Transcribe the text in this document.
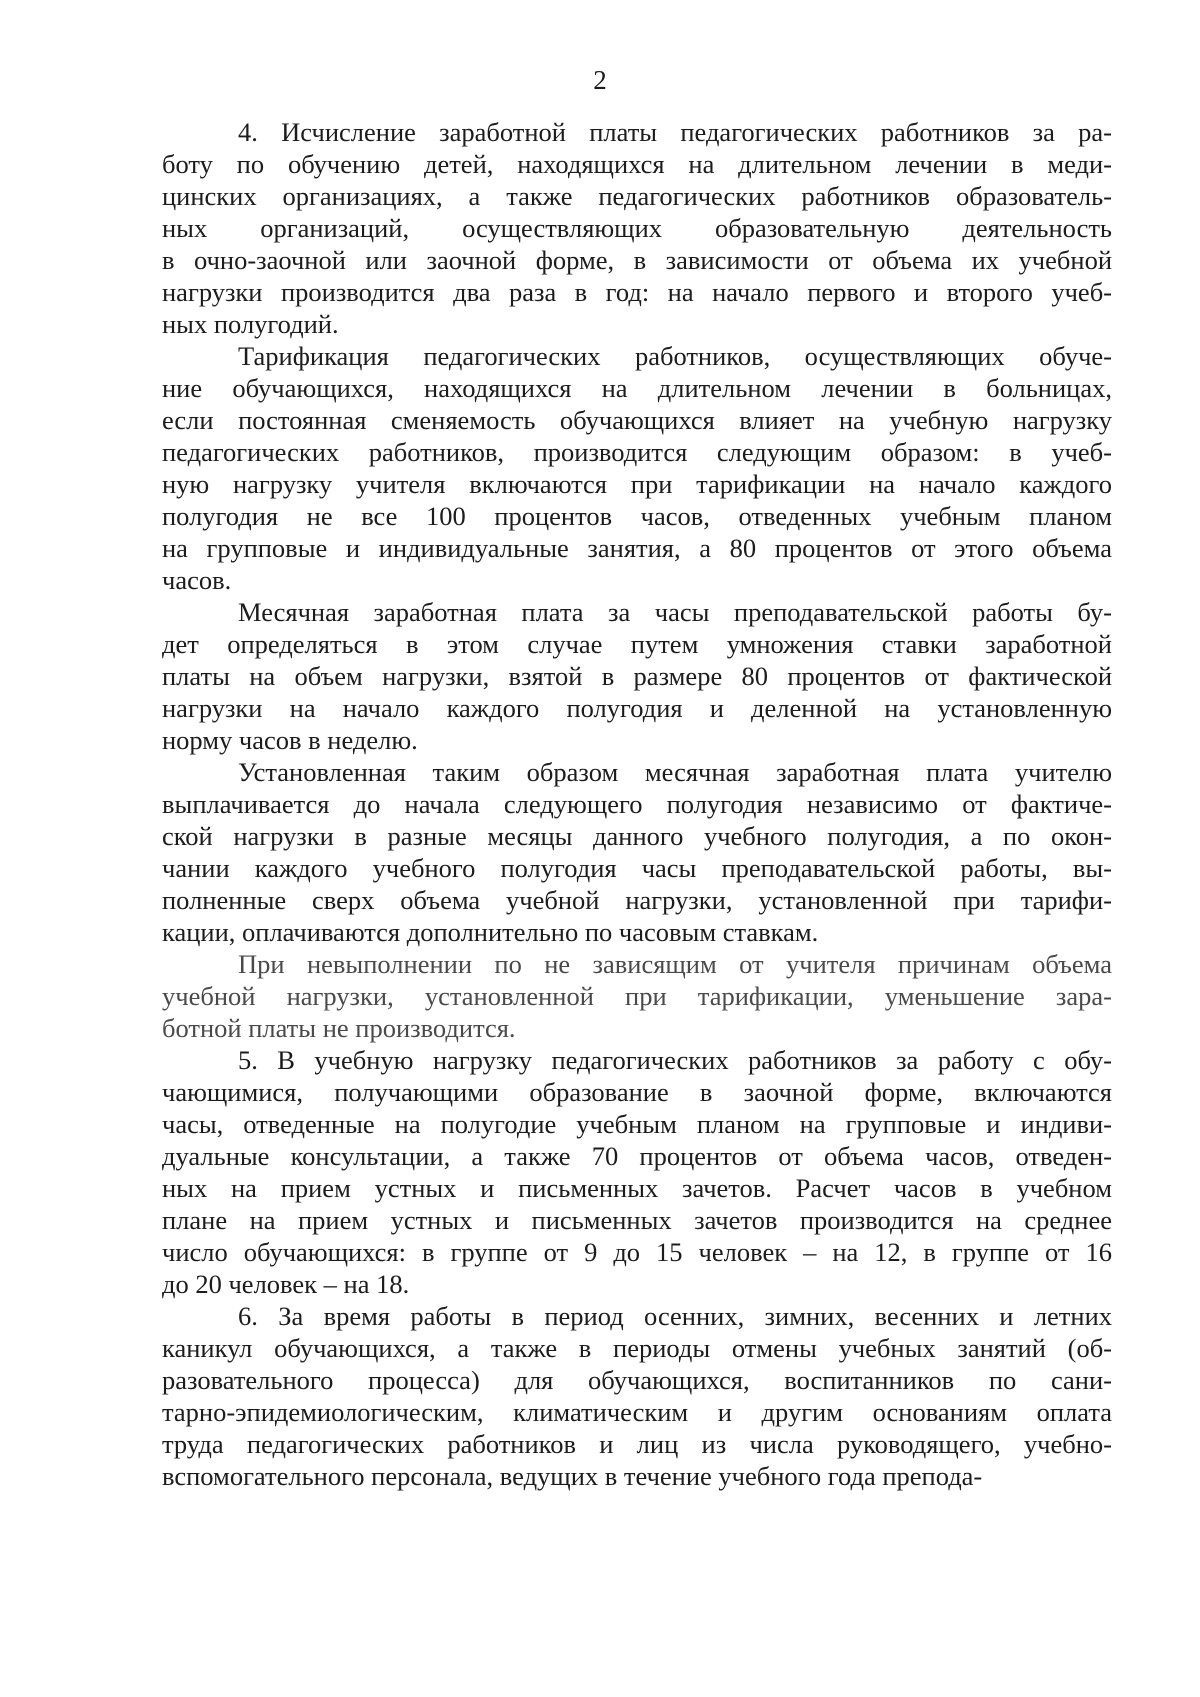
2
4. Исчисление заработной платы педагогических работников за ра-
боту по обучению детей, находящихся на длительном лечении в меди-
цинских организациях, а также педагогических работников образователь-
ных организаций, осуществляющих образовательную деятельность
в очно-заочной или заочной форме, в зависимости от объема их учебной
нагрузки производится два раза в год: на начало первого и второго учеб-
ных полугодий.
Тарификация педагогических работников, осуществляющих обуче-
ние обучающихся, находящихся на длительном лечении в больницах,
если постоянная сменяемость обучающихся влияет на учебную нагрузку
педагогических работников, производится следующим образом: в учеб-
ную нагрузку учителя включаются при тарификации на начало каждого
полугодия не все 100 процентов часов, отведенных учебным планом
на групповые и индивидуальные занятия, а 80 процентов от этого объема
часов.
Месячная заработная плата за часы преподавательской работы бу-
дет определяться в этом случае путем умножения ставки заработной
платы на объем нагрузки, взятой в размере 80 процентов от фактической
нагрузки на начало каждого полугодия и деленной на установленную
норму часов в неделю.
Установленная таким образом месячная заработная плата учителю
выплачивается до начала следующего полугодия независимо от фактиче-
ской нагрузки в разные месяцы данного учебного полугодия, а по окон-
чании каждого учебного полугодия часы преподавательской работы, вы-
полненные сверх объема учебной нагрузки, установленной при тарифи-
кации, оплачиваются дополнительно по часовым ставкам.
При невыполнении по не зависящим от учителя причинам объема
учебной нагрузки, установленной при тарификации, уменьшение зара-
ботной платы не производится.
5. В учебную нагрузку педагогических работников за работу с обу-
чающимися, получающими образование в заочной форме, включаются
часы, отведенные на полугодие учебным планом на групповые и индиви-
дуальные консультации, а также 70 процентов от объема часов, отведен-
ных на прием устных и письменных зачетов. Расчет часов в учебном
плане на прием устных и письменных зачетов производится на среднее
число обучающихся: в группе от 9 до 15 человек – на 12, в группе от 16
до 20 человек – на 18.
6. За время работы в период осенних, зимних, весенних и летних
каникул обучающихся, а также в периоды отмены учебных занятий (об-
разовательного процесса) для обучающихся, воспитанников по сани-
тарно-эпидемиологическим, климатическим и другим основаниям оплата
труда педагогических работников и лиц из числа руководящего, учебно-
вспомогательного персонала, ведущих в течение учебного года препода-
